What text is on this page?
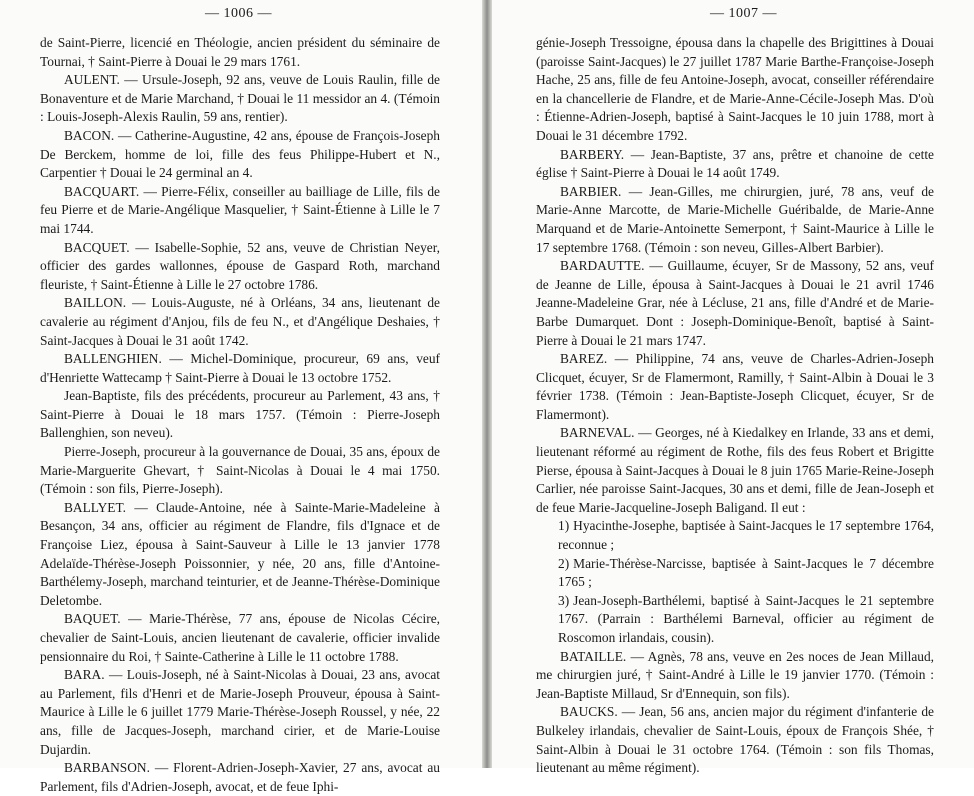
— 1006 —

de Saint-Pierre, licencié en Théologie, ancien président du séminaire de Tournai, † Saint-Pierre à Douai le 29 mars 1761.

AULENT. — Ursule-Joseph, 92 ans, veuve de Louis Raulin, fille de Bonaventure et de Marie Marchand, † Douai le 11 messidor an 4. (Témoin : Louis-Joseph-Alexis Raulin, 59 ans, rentier).

BACON. — Catherine-Augustine, 42 ans, épouse de François-Joseph De Berckem, homme de loi, fille des feus Philippe-Hubert et N., Carpentier † Douai le 24 germinal an 4.

BACQUART. — Pierre-Félix, conseiller au bailliage de Lille, fils de feu Pierre et de Marie-Angélique Masquelier, † Saint-Étienne à Lille le 7 mai 1744.

BACQUET. — Isabelle-Sophie, 52 ans, veuve de Christian Neyer, officier des gardes wallonnes, épouse de Gaspard Roth, marchand fleuriste, † Saint-Étienne à Lille le 27 octobre 1786.

BAILLON. — Louis-Auguste, né à Orléans, 34 ans, lieutenant de cavalerie au régiment d'Anjou, fils de feu N., et d'Angélique Deshaies, † Saint-Jacques à Douai le 31 août 1742.

BALLENGHIEN. — Michel-Dominique, procureur, 69 ans, veuf d'Henriette Wattecamp † Saint-Pierre à Douai le 13 octobre 1752.

Jean-Baptiste, fils des précédents, procureur au Parlement, 43 ans, † Saint-Pierre à Douai le 18 mars 1757. (Témoin : Pierre-Joseph Ballenghien, son neveu).

Pierre-Joseph, procureur à la gouvernance de Douai, 35 ans, époux de Marie-Marguerite Ghevart, † Saint-Nicolas à Douai le 4 mai 1750. (Témoin : son fils, Pierre-Joseph).

BALLYET. — Claude-Antoine, née à Sainte-Marie-Madeleine à Besançon, 34 ans, officier au régiment de Flandre, fils d'Ignace et de Françoise Liez, épousa à Saint-Sauveur à Lille le 13 janvier 1778 Adelaïde-Thérèse-Joseph Poissonnier, y née, 20 ans, fille d'Antoine-Barthélemy-Joseph, marchand teinturier, et de Jeanne-Thérèse-Dominique Deletombe.

BAQUET. — Marie-Thérèse, 77 ans, épouse de Nicolas Cécire, chevalier de Saint-Louis, ancien lieutenant de cavalerie, officier invalide pensionnaire du Roi, † Sainte-Catherine à Lille le 11 octobre 1788.

BARA. — Louis-Joseph, né à Saint-Nicolas à Douai, 23 ans, avocat au Parlement, fils d'Henri et de Marie-Joseph Prouveur, épousa à Saint-Maurice à Lille le 6 juillet 1779 Marie-Thérèse-Joseph Roussel, y née, 22 ans, fille de Jacques-Joseph, marchand cirier, et de Marie-Louise Dujardin.

BARBANSON. — Florent-Adrien-Joseph-Xavier, 27 ans, avocat au Parlement, fils d'Adrien-Joseph, avocat, et de feue Iphi-

— 1007 —

génie-Joseph Tressoigne, épousa dans la chapelle des Brigittines à Douai (paroisse Saint-Jacques) le 27 juillet 1787 Marie Barthe-Françoise-Joseph Hache, 25 ans, fille de feu Antoine-Joseph, avocat, conseiller référendaire en la chancellerie de Flandre, et de Marie-Anne-Cécile-Joseph Mas. D'où : Étienne-Adrien-Joseph, baptisé à Saint-Jacques le 10 juin 1788, mort à Douai le 31 décembre 1792.

BARBERY. — Jean-Baptiste, 37 ans, prêtre et chanoine de cette église † Saint-Pierre à Douai le 14 août 1749.

BARBIER. — Jean-Gilles, me chirurgien, juré, 78 ans, veuf de Marie-Anne Marcotte, de Marie-Michelle Guéribalde, de Marie-Anne Marquand et de Marie-Antoinette Semerpont, † Saint-Maurice à Lille le 17 septembre 1768. (Témoin : son neveu, Gilles-Albert Barbier).

BARDAUTTE. — Guillaume, écuyer, Sr de Massony, 52 ans, veuf de Jeanne de Lille, épousa à Saint-Jacques à Douai le 21 avril 1746 Jeanne-Madeleine Grar, née à Lécluse, 21 ans, fille d'André et de Marie-Barbe Dumarquet. Dont : Joseph-Dominique-Benoît, baptisé à Saint-Pierre à Douai le 21 mars 1747.

BAREZ. — Philippine, 74 ans, veuve de Charles-Adrien-Joseph Clicquet, écuyer, Sr de Flamermont, Ramilly, † Saint-Albin à Douai le 3 février 1738. (Témoin : Jean-Baptiste-Joseph Clicquet, écuyer, Sr de Flamermont).

BARNEVAL. — Georges, né à Kiedalkey en Irlande, 33 ans et demi, lieutenant réformé au régiment de Rothe, fils des feus Robert et Brigitte Pierse, épousa à Saint-Jacques à Douai le 8 juin 1765 Marie-Reine-Joseph Carlier, née paroisse Saint-Jacques, 30 ans et demi, fille de Jean-Joseph et de feue Marie-Jacqueline-Joseph Baligand. Il eut :

1) Hyacinthe-Josephe, baptisée à Saint-Jacques le 17 septembre 1764, reconnue ;

2) Marie-Thérèse-Narcisse, baptisée à Saint-Jacques le 7 décembre 1765 ;

3) Jean-Joseph-Barthélemi, baptisé à Saint-Jacques le 21 septembre 1767. (Parrain : Barthélemi Barneval, officier au régiment de Roscomon irlandais, cousin).

BATAILLE. — Agnès, 78 ans, veuve en 2es noces de Jean Millaud, me chirurgien juré, † Saint-André à Lille le 19 janvier 1770. (Témoin : Jean-Baptiste Millaud, Sr d'Ennequin, son fils).

BAUCKS. — Jean, 56 ans, ancien major du régiment d'infanterie de Bulkeley irlandais, chevalier de Saint-Louis, époux de François Shée, † Saint-Albin à Douai le 31 octobre 1764. (Témoin : son fils Thomas, lieutenant au même régiment).
